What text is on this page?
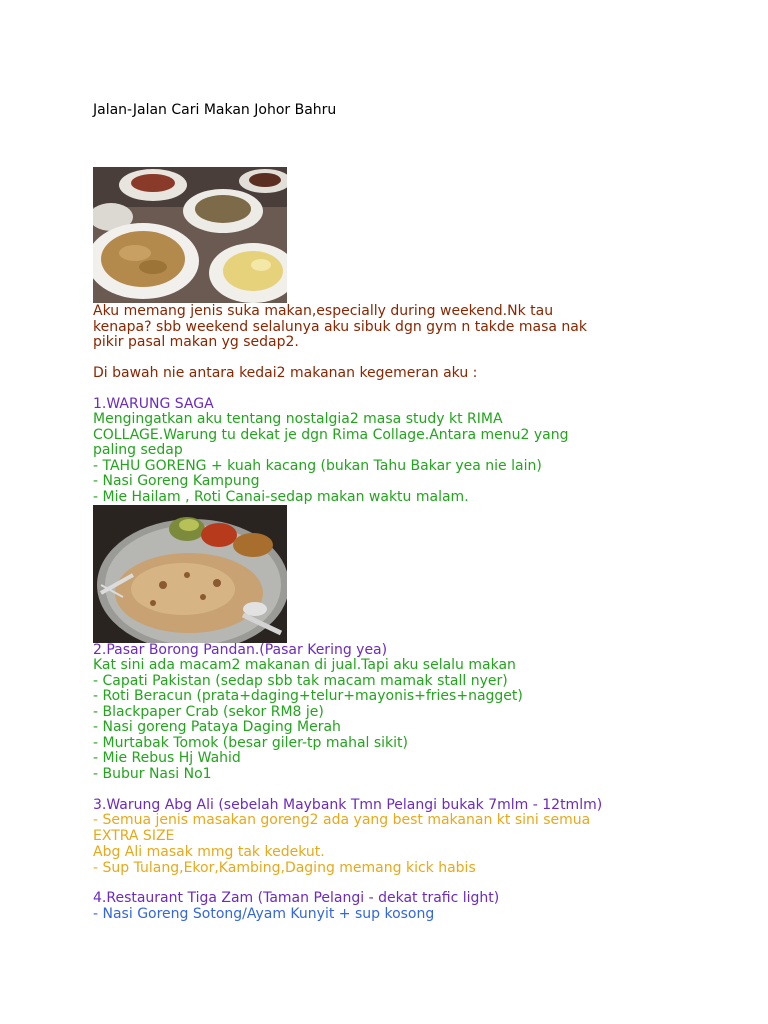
Jalan-Jalan Cari Makan Johor Bahru
Aku memang jenis suka makan,especially during weekend.Nk tau
kenapa? sbb weekend selalunya aku sibuk dgn gym n takde masa nak
pikir pasal makan yg sedap2.
Di bawah nie antara kedai2 makanan kegemeran aku :
1.WARUNG SAGA
Mengingatkan aku tentang nostalgia2 masa study kt RIMA
COLLAGE.Warung tu dekat je dgn Rima Collage.Antara menu2 yang
paling sedap
- TAHU GORENG + kuah kacang (bukan Tahu Bakar yea nie lain)
- Nasi Goreng Kampung
- Mie Hailam , Roti Canai-sedap makan waktu malam.
2.Pasar Borong Pandan.(Pasar Kering yea)
Kat sini ada macam2 makanan di jual.Tapi aku selalu makan
- Capati Pakistan (sedap sbb tak macam mamak stall nyer)
- Roti Beracun (prata+daging+telur+mayonis+fries+nagget)
- Blackpaper Crab (sekor RM8 je)
- Nasi goreng Pataya Daging Merah
- Murtabak Tomok (besar giler-tp mahal sikit)
- Mie Rebus Hj Wahid
- Bubur Nasi No1
3.Warung Abg Ali (sebelah Maybank Tmn Pelangi bukak 7mlm - 12tmlm)
- Semua jenis masakan goreng2 ada yang best makanan kt sini semua
EXTRA SIZE
Abg Ali masak mmg tak kedekut.
- Sup Tulang,Ekor,Kambing,Daging memang kick habis
4.Restaurant Tiga Zam (Taman Pelangi - dekat trafic light)
- Nasi Goreng Sotong/Ayam Kunyit + sup kosong
